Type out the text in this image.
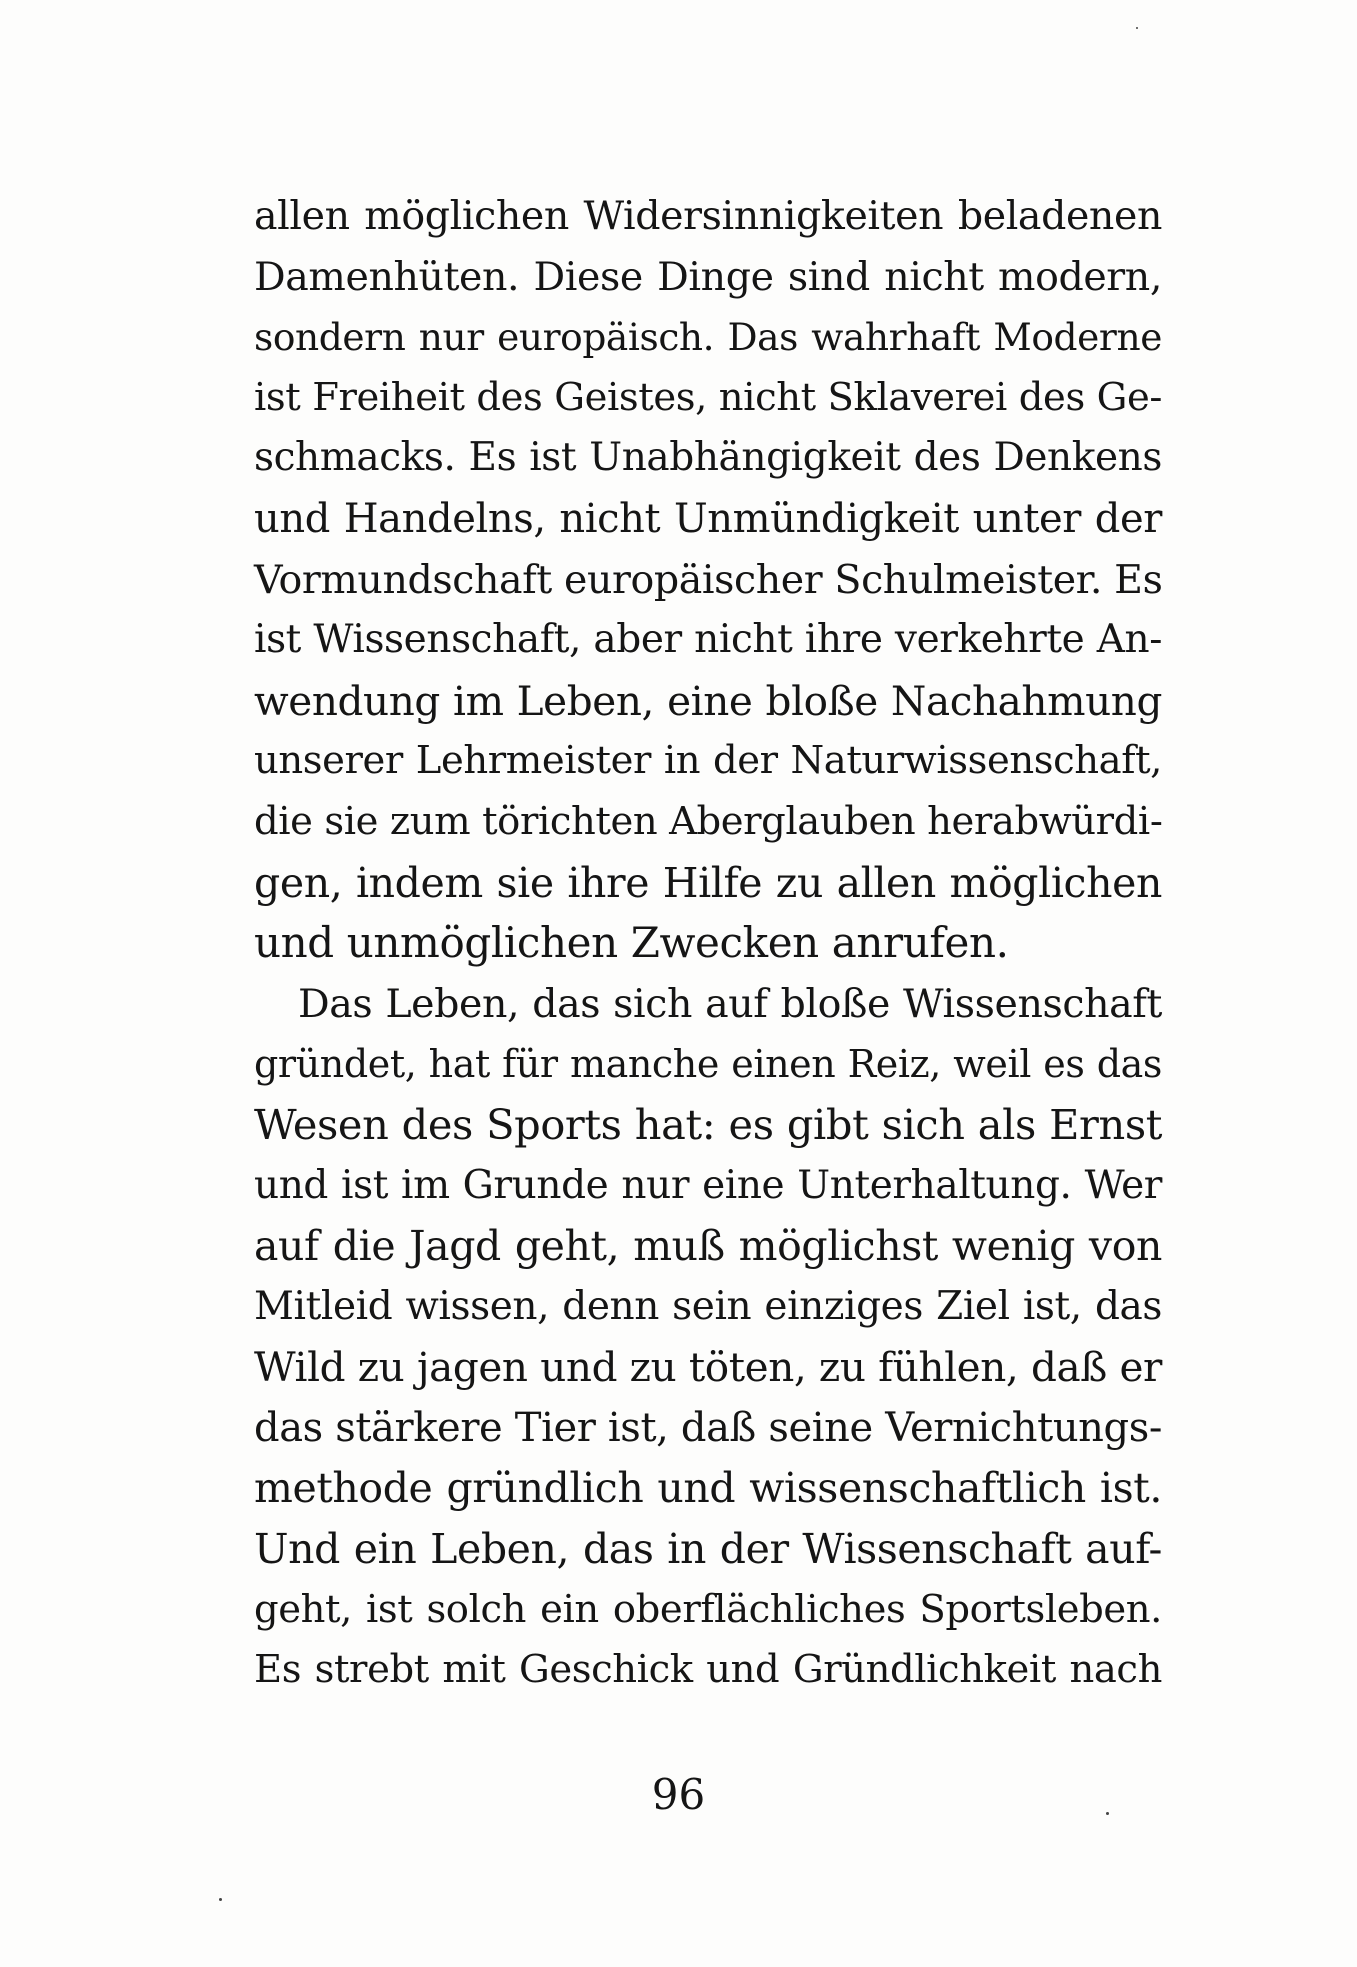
allen möglichen Widersinnigkeiten beladenen
Damenhüten. Diese Dinge sind nicht modern,
sondern nur europäisch. Das wahrhaft Moderne
ist Freiheit des Geistes, nicht Sklaverei des Ge-
schmacks. Es ist Unabhängigkeit des Denkens
und Handelns, nicht Unmündigkeit unter der
Vormundschaft europäischer Schulmeister. Es
ist Wissenschaft, aber nicht ihre verkehrte An-
wendung im Leben, eine bloße Nachahmung
unserer Lehrmeister in der Naturwissenschaft,
die sie zum törichten Aberglauben herabwürdi-
gen, indem sie ihre Hilfe zu allen möglichen
und unmöglichen Zwecken anrufen.
Das Leben, das sich auf bloße Wissenschaft
gründet, hat für manche einen Reiz, weil es das
Wesen des Sports hat: es gibt sich als Ernst
und ist im Grunde nur eine Unterhaltung. Wer
auf die Jagd geht, muß möglichst wenig von
Mitleid wissen, denn sein einziges Ziel ist, das
Wild zu jagen und zu töten, zu fühlen, daß er
das stärkere Tier ist, daß seine Vernichtungs-
methode gründlich und wissenschaftlich ist.
Und ein Leben, das in der Wissenschaft auf-
geht, ist solch ein oberflächliches Sportsleben.
Es strebt mit Geschick und Gründlichkeit nach
96
